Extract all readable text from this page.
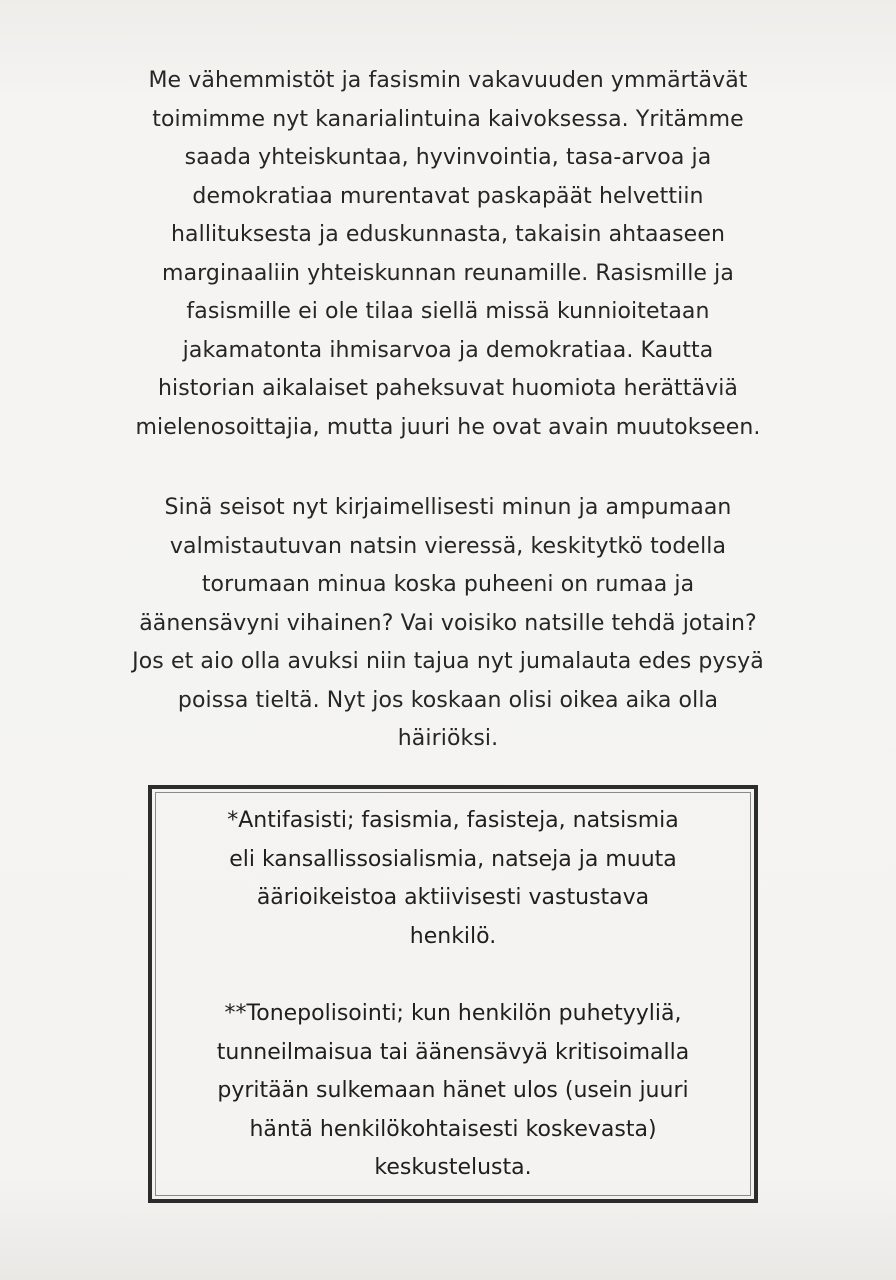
Me vähemmistöt ja fasismin vakavuuden ymmärtävät
toimimme nyt kanarialintuina kaivoksessa. Yritämme
saada yhteiskuntaa, hyvinvointia, tasa-arvoa ja
demokratiaa murentavat paskapäät helvettiin
hallituksesta ja eduskunnasta, takaisin ahtaaseen
marginaaliin yhteiskunnan reunamille. Rasismille ja
fasismille ei ole tilaa siellä missä kunnioitetaan
jakamatonta ihmisarvoa ja demokratiaa. Kautta
historian aikalaiset paheksuvat huomiota herättäviä
mielenosoittajia, mutta juuri he ovat avain muutokseen.
Sinä seisot nyt kirjaimellisesti minun ja ampumaan
valmistautuvan natsin vieressä, keskitytkö todella
torumaan minua koska puheeni on rumaa ja
äänensävyni vihainen? Vai voisiko natsille tehdä jotain?
Jos et aio olla avuksi niin tajua nyt jumalauta edes pysyä
poissa tieltä. Nyt jos koskaan olisi oikea aika olla
häiriöksi.
*Antifasisti; fasismia, fasisteja, natsismia
eli kansallissosialismia, natseja ja muuta
äärioikeistoa aktiivisesti vastustava
henkilö.
**Tonepolisointi; kun henkilön puhetyyliä,
tunneilmaisua tai äänensävyä kritisoimalla
pyritään sulkemaan hänet ulos (usein juuri
häntä henkilökohtaisesti koskevasta)
keskustelusta.
